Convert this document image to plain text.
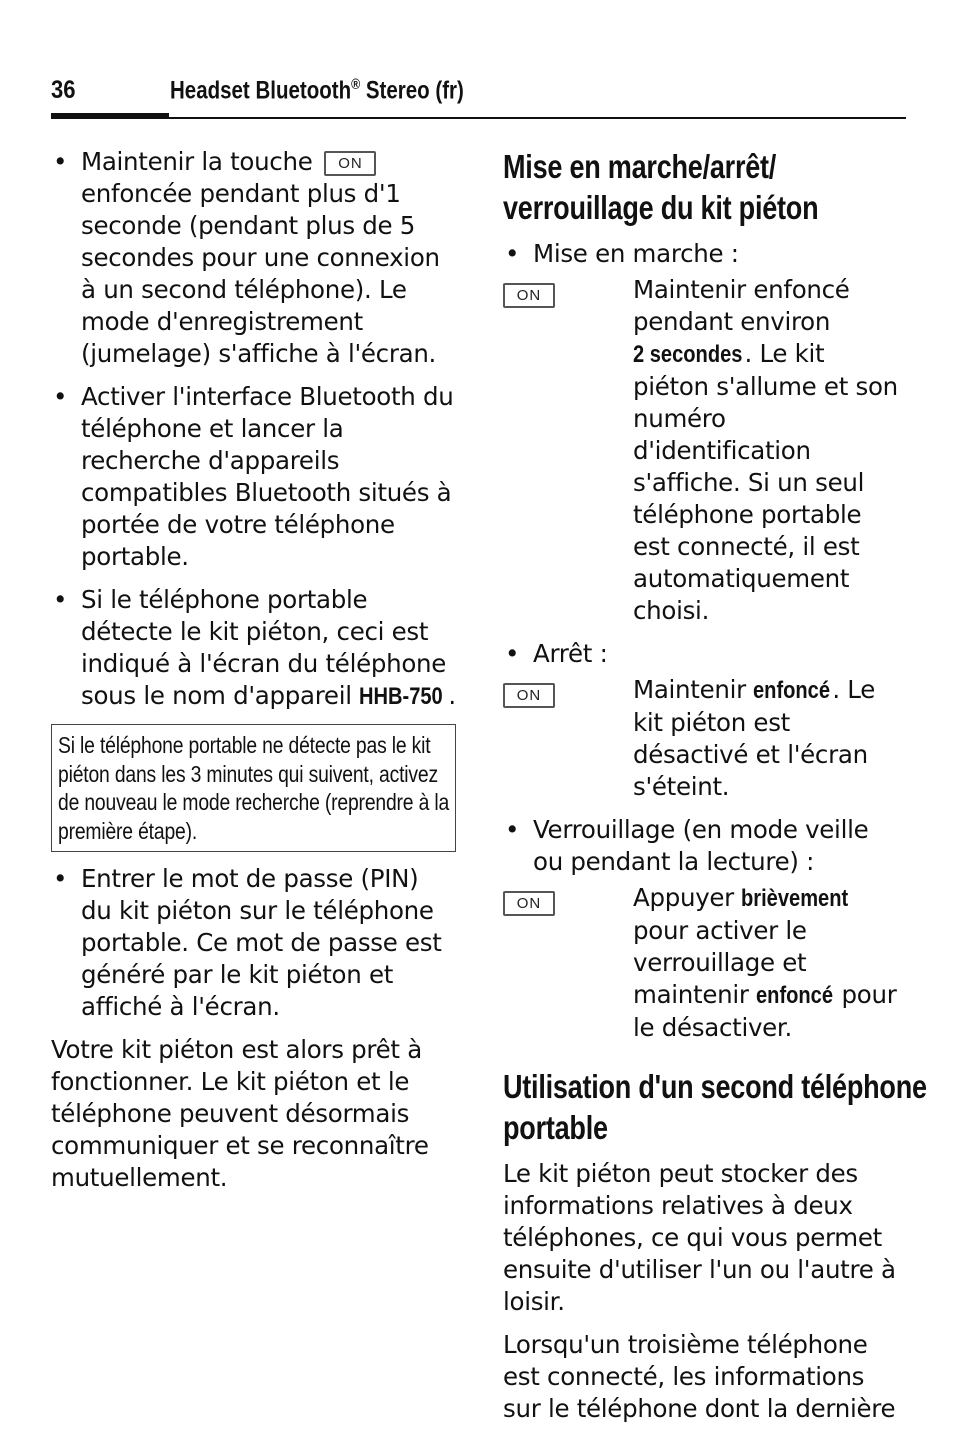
36	Headset Bluetooth® Stereo (fr)
• Maintenir la touche ON
enfoncée pendant plus d'1 seconde (pendant plus de 5 secondes pour une connexion à un second téléphone). Le mode d'enregistrement (jumelage) s'affiche à l'écran.
• Activer l'interface Bluetooth du téléphone et lancer la recherche d'appareils compatibles Bluetooth situés à portée de votre téléphone portable.
• Si le téléphone portable détecte le kit piéton, ceci est indiqué à l'écran du téléphone sous le nom d'appareil HHB-750 .
Si le téléphone portable ne détecte pas le kit piéton dans les 3 minutes qui suivent, activez de nouveau le mode recherche (reprendre à la première étape).
• Entrer le mot de passe (PIN) du kit piéton sur le téléphone portable. Ce mot de passe est généré par le kit piéton et affiché à l'écran.

Votre kit piéton est alors prêt à fonctionner. Le kit piéton et le téléphone peuvent désormais communiquer et se reconnaître mutuellement.

Mise en marche/arrêt/ verrouillage du kit piéton
• Mise en marche :
ON	Maintenir enfoncé pendant environ
2 secondes. Le kit piéton s'allume et son numéro d'identification s'affiche. Si un seul téléphone portable est connecté, il est automatiquement choisi.
• Arrêt :
ON	Maintenir enfoncé. Le kit piéton est désactivé et l'écran s'éteint.
• Verrouillage (en mode veille ou pendant la lecture) :
ON	Appuyer brièvement pour activer le verrouillage et maintenir enfoncé pour le désactiver.
Utilisation d'un second téléphone portable

Le kit piéton peut stocker des informations relatives à deux téléphones, ce qui vous permet ensuite d'utiliser l'un ou l'autre à loisir.

Lorsqu'un troisième téléphone est connecté, les informations sur le téléphone dont la dernière
